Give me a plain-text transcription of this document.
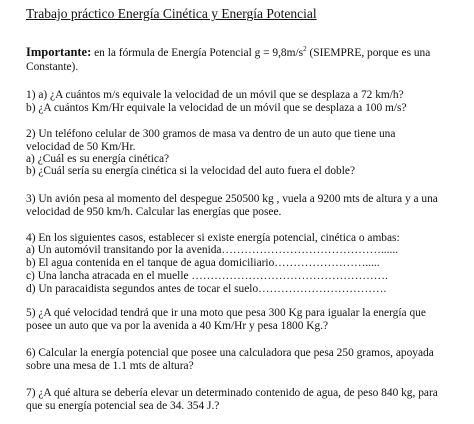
Trabajo práctico Energía Cinética y Energía Potencial
Importante: en la fórmula de Energía Potencial $g = 9,8m/s^2$ (SIEMPRE, porque es una
Constante).
1) a) ¿A cuántos m/s equivale la velocidad de un móvil que se desplaza a 72 km/h?
b) ¿A cuántos Km/Hr equivale la velocidad de un móvil que se desplaza a 100 m/s?
2) Un teléfono celular de 300 gramos de masa va dentro de un auto que tiene una
velocidad de 50 Km/Hr.
a) ¿Cuál es su energía cinética?
b) ¿Cuál sería su energía cinética si la velocidad del auto fuera el doble?
3) Un avión pesa al momento del despegue 250500 kg , vuela a 9200 mts de altura y a una
velocidad de 950 km/h. Calcular las energías que posee.
4) En los siguientes casos, establecer si existe energía potencial, cinética o ambas:
a) Un automóvil transitando por la avenida……………………………………......
b) El agua contenida en el tanque de agua domiciliario…………………….....
c) Una lancha atracada en el muelle …………………………………………….
d) Un paracaidista segundos antes de tocar el suelo…………………………….
5) ¿A qué velocidad tendrá que ir una moto que pesa 300 Kg para igualar la energía que
posee un auto que va por la avenida a 40 Km/Hr y pesa 1800 Kg.?
6) Calcular la energía potencial que posee una calculadora que pesa 250 gramos, apoyada
sobre una mesa de 1.1 mts de altura?
7) ¿A qué altura se debería elevar un determinado contenido de agua, de peso 840 kg, para
que su energía potencial sea de 34. 354 J.?
